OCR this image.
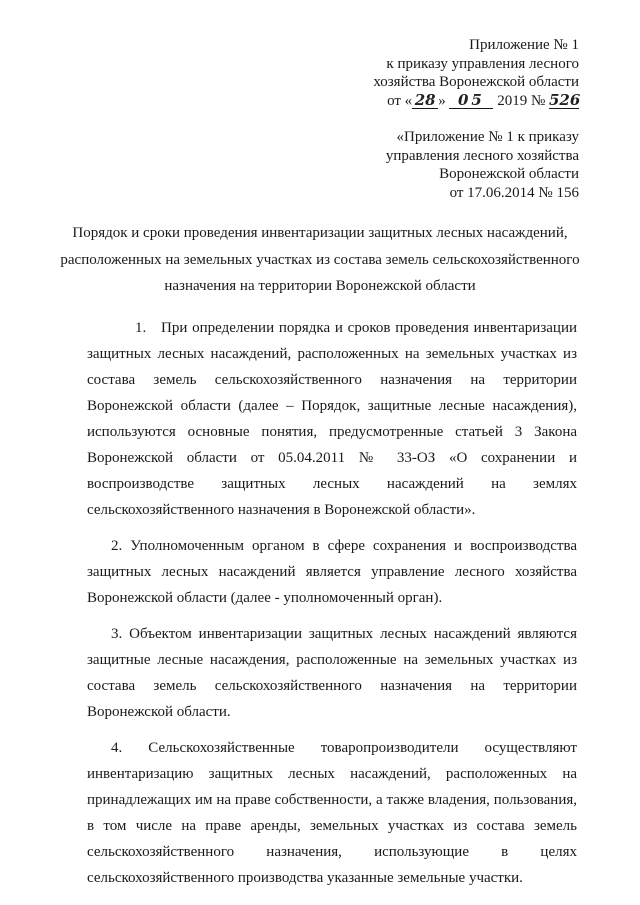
Приложение № 1
к приказу управления лесного
хозяйства Воронежской области
от « 28 » 05 2019 № 526
«Приложение № 1 к приказу
управления лесного хозяйства
Воронежской области
от 17.06.2014 № 156
Порядок и сроки проведения инвентаризации защитных лесных насаждений,
расположенных на земельных участках из состава земель сельскохозяйственного
назначения на территории Воронежской области

1. При определении порядка и сроков проведения инвентаризации защитных лесных насаждений, расположенных на земельных участках из состава земель сельскохозяйственного назначения на территории Воронежской области (далее – Порядок, защитные лесные насаждения), используются основные понятия, предусмотренные статьей 3 Закона Воронежской области от 05.04.2011 № 33-ОЗ «О сохранении и воспроизводстве защитных лесных насаждений на землях сельскохозяйственного назначения в Воронежской области».

2. Уполномоченным органом в сфере сохранения и воспроизводства защитных лесных насаждений является управление лесного хозяйства Воронежской области (далее - уполномоченный орган).

3. Объектом инвентаризации защитных лесных насаждений являются защитные лесные насаждения, расположенные на земельных участках из состава земель сельскохозяйственного назначения на территории Воронежской области.

4. Сельскохозяйственные товаропроизводители осуществляют инвентаризацию защитных лесных насаждений, расположенных на принадлежащих им на праве собственности, а также владения, пользования, в том числе на праве аренды, земельных участках из состава земель сельскохозяйственного назначения, использующие в целях сельскохозяйственного производства указанные земельные участки.
